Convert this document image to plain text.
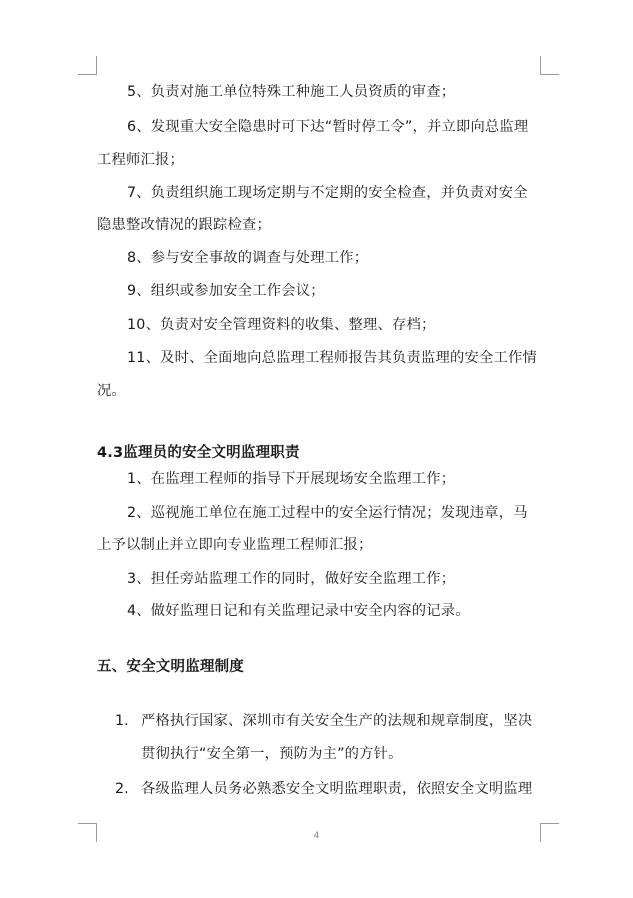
5、负责对施工单位特殊工种施工人员资质的审查；
6、发现重大安全隐患时可下达“暂时停工令”，并立即向总监理
工程师汇报；
7、负责组织施工现场定期与不定期的安全检查，并负责对安全
隐患整改情况的跟踪检查；
8、参与安全事故的调查与处理工作；
9、组织或参加安全工作会议；
10、负责对安全管理资料的收集、整理、存档；
11、及时、全面地向总监理工程师报告其负责监理的安全工作情
况。
4.3监理员的安全文明监理职责
1、在监理工程师的指导下开展现场安全监理工作；
2、巡视施工单位在施工过程中的安全运行情况；发现违章，马
上予以制止并立即向专业监理工程师汇报；
3、担任旁站监理工作的同时，做好安全监理工作；
4、做好监理日记和有关监理记录中安全内容的记录。
五、安全文明监理制度
1. 严格执行国家、深圳市有关安全生产的法规和规章制度，坚决
贯彻执行“安全第一，预防为主”的方针。
2. 各级监理人员务必熟悉安全文明监理职责，依照安全文明监理
4
